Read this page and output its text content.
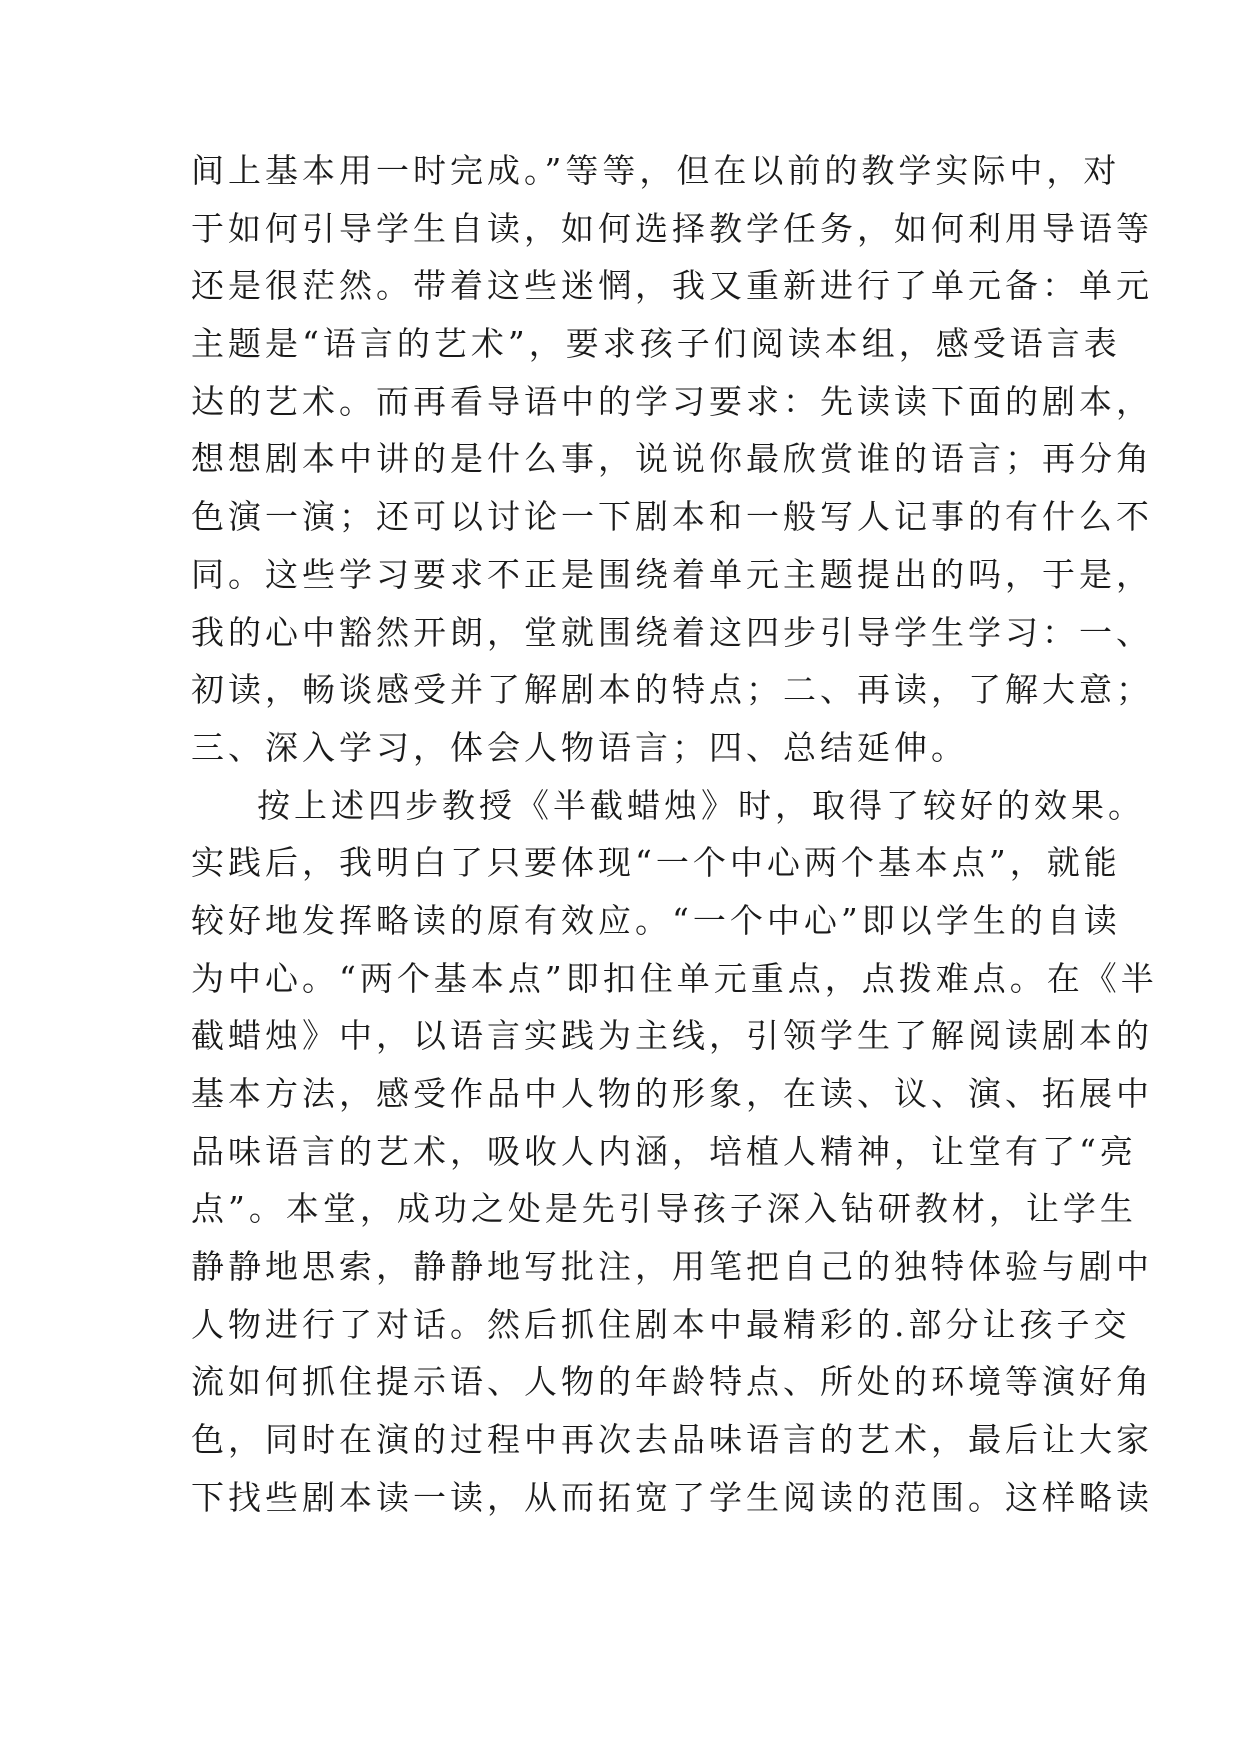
间上基本用一时完成。”等等，但在以前的教学实际中，对
于如何引导学生自读，如何选择教学任务，如何利用导语等
还是很茫然。带着这些迷惘，我又重新进行了单元备：单元
主题是“语言的艺术”，要求孩子们阅读本组，感受语言表
达的艺术。而再看导语中的学习要求：先读读下面的剧本，
想想剧本中讲的是什么事，说说你最欣赏谁的语言；再分角
色演一演；还可以讨论一下剧本和一般写人记事的有什么不
同。这些学习要求不正是围绕着单元主题提出的吗，于是，
我的心中豁然开朗，堂就围绕着这四步引导学生学习：一、
初读，畅谈感受并了解剧本的特点；二、再读，了解大意；
三、深入学习，体会人物语言；四、总结延伸。
按上述四步教授《半截蜡烛》时，取得了较好的效果。
实践后，我明白了只要体现“一个中心两个基本点”，就能
较好地发挥略读的原有效应。“一个中心”即以学生的自读
为中心。“两个基本点”即扣住单元重点，点拨难点。在《半
截蜡烛》中，以语言实践为主线，引领学生了解阅读剧本的
基本方法，感受作品中人物的形象，在读、议、演、拓展中
品味语言的艺术，吸收人内涵，培植人精神，让堂有了“亮
点”。本堂，成功之处是先引导孩子深入钻研教材，让学生
静静地思索，静静地写批注，用笔把自己的独特体验与剧中
人物进行了对话。然后抓住剧本中最精彩的.部分让孩子交
流如何抓住提示语、人物的年龄特点、所处的环境等演好角
色，同时在演的过程中再次去品味语言的艺术，最后让大家
下找些剧本读一读，从而拓宽了学生阅读的范围。这样略读
